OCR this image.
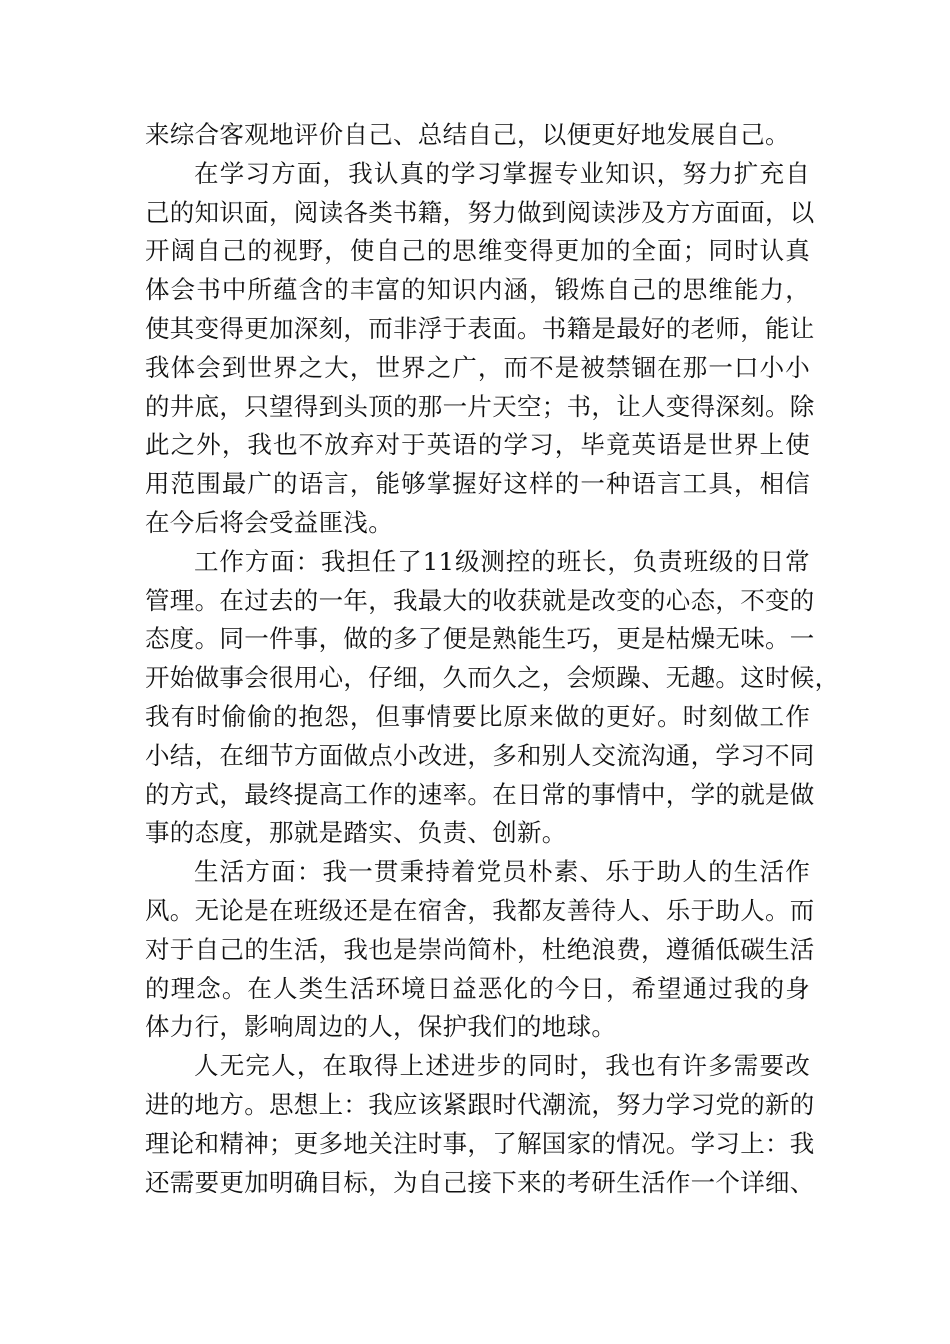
来综合客观地评价自己、总结自己，以便更好地发展自己。
在学习方面，我认真的学习掌握专业知识，努力扩充自
己的知识面，阅读各类书籍，努力做到阅读涉及方方面面，以
开阔自己的视野，使自己的思维变得更加的全面；同时认真
体会书中所蕴含的丰富的知识内涵，锻炼自己的思维能力，
使其变得更加深刻，而非浮于表面。书籍是最好的老师，能让
我体会到世界之大，世界之广，而不是被禁锢在那一口小小
的井底，只望得到头顶的那一片天空；书，让人变得深刻。除
此之外，我也不放弃对于英语的学习，毕竟英语是世界上使
用范围最广的语言，能够掌握好这样的一种语言工具，相信
在今后将会受益匪浅。
工作方面：我担任了11级测控的班长，负责班级的日常
管理。在过去的一年，我最大的收获就是改变的心态，不变的
态度。同一件事，做的多了便是熟能生巧，更是枯燥无味。一
开始做事会很用心，仔细，久而久之，会烦躁、无趣。这时候，
我有时偷偷的抱怨，但事情要比原来做的更好。时刻做工作
小结，在细节方面做点小改进，多和别人交流沟通，学习不同
的方式，最终提高工作的速率。在日常的事情中，学的就是做
事的态度，那就是踏实、负责、创新。
生活方面：我一贯秉持着党员朴素、乐于助人的生活作
风。无论是在班级还是在宿舍，我都友善待人、乐于助人。而
对于自己的生活，我也是崇尚简朴，杜绝浪费，遵循低碳生活
的理念。在人类生活环境日益恶化的今日，希望通过我的身
体力行，影响周边的人，保护我们的地球。
人无完人，在取得上述进步的同时，我也有许多需要改
进的地方。思想上：我应该紧跟时代潮流，努力学习党的新的
理论和精神；更多地关注时事，了解国家的情况。学习上：我
还需要更加明确目标，为自己接下来的考研生活作一个详细、
